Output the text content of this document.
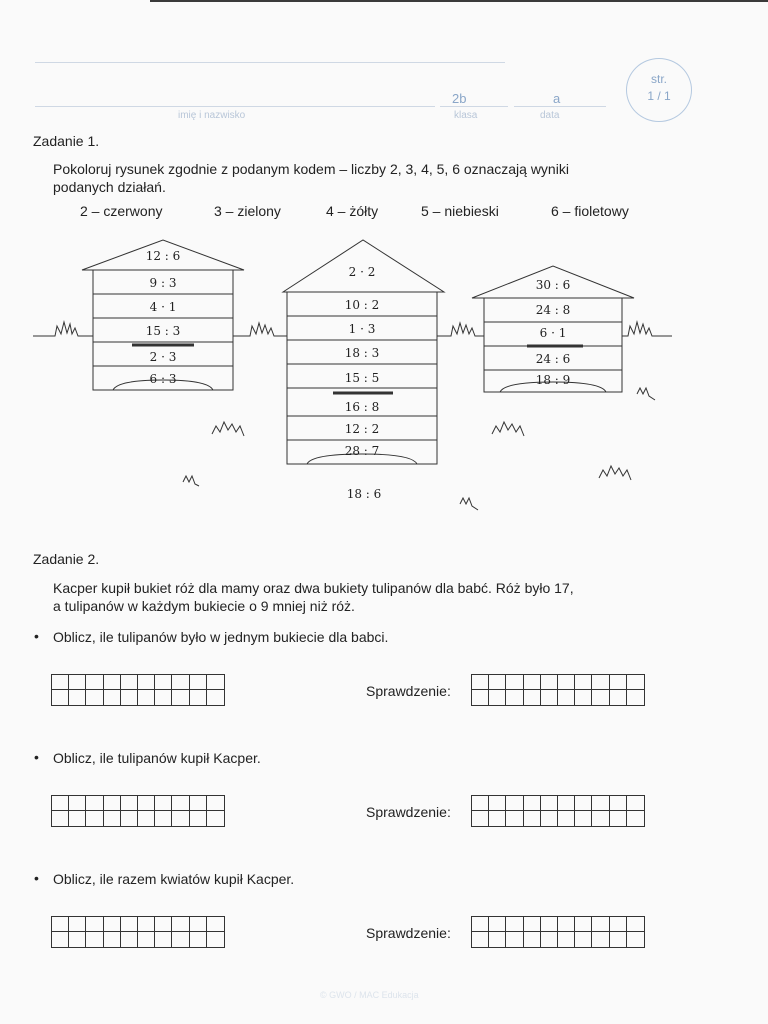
imię i nazwisko	klasa	data
2b	a
str.
1 / 1
Zadanie 1.
Pokoloruj rysunek zgodnie z podanym kodem – liczby 2, 3, 4, 5, 6 oznaczają wyniki
podanych działań.
2 – czerwony	3 – zielony	4 – żółty	5 – niebieski	6 – fioletowy
12 : 6
9 : 3
4 · 1
15 : 3
2 · 3
6 : 3
2 · 2
10 : 2
1 · 3
18 : 3
15 : 5
16 : 8
12 : 2
28 : 7
30 : 6
24 : 8
6 · 1
24 : 6
18 : 9
18 : 6
Zadanie 2.
Kacper kupił bukiet róż dla mamy oraz dwa bukiety tulipanów dla babć. Róż było 17,
a tulipanów w każdym bukiecie o 9 mniej niż róż.
• Oblicz, ile tulipanów było w jednym bukiecie dla babci.
Sprawdzenie:
• Oblicz, ile tulipanów kupił Kacper.
Sprawdzenie:
• Oblicz, ile razem kwiatów kupił Kacper.
Sprawdzenie:
© GWO / MAC Edukacja
